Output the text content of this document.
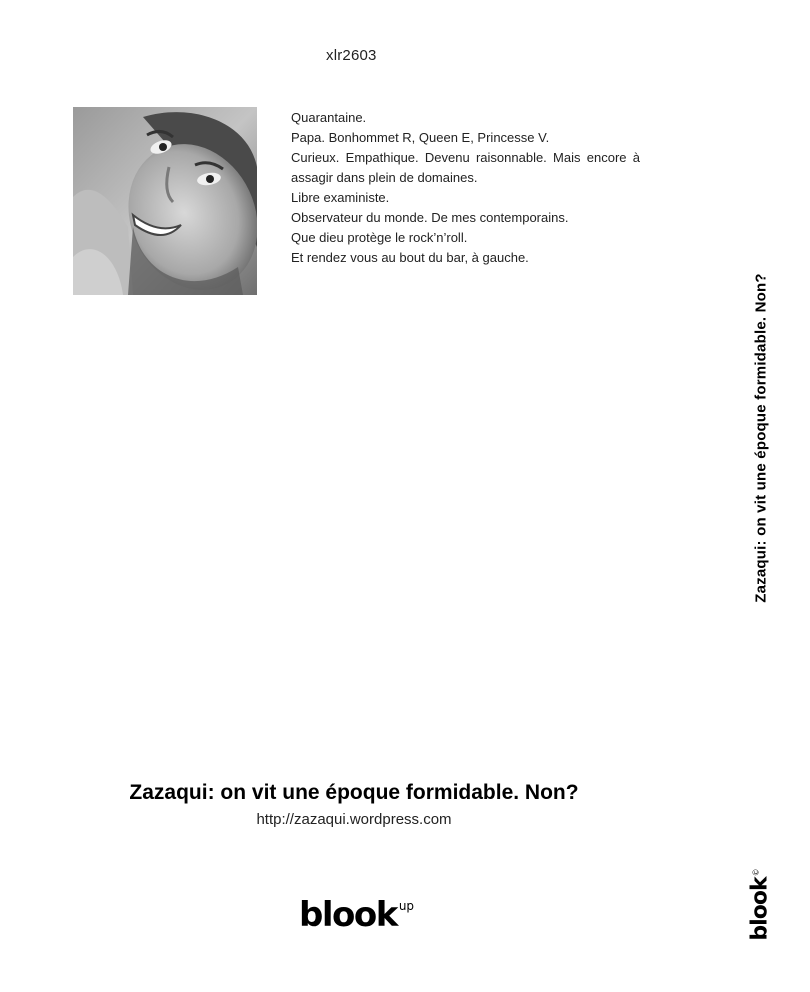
xlr2603

Quarantaine.

Papa. Bonhommet R, Queen E, Princesse V.

Curieux. Empathique. Devenu raisonnable. Mais encore à assagir dans plein de domaines.

Libre exaministe.

Observateur du monde. De mes contemporains.

Que dieu protège le rock’n’roll.

Et rendez vous au bout du bar, à gauche.

Zazaqui: on vit une époque formidable. Non?
Zazaqui: on vit une époque formidable. Non?
http://zazaqui.wordpress.com
blook $^{up}$	blook©
